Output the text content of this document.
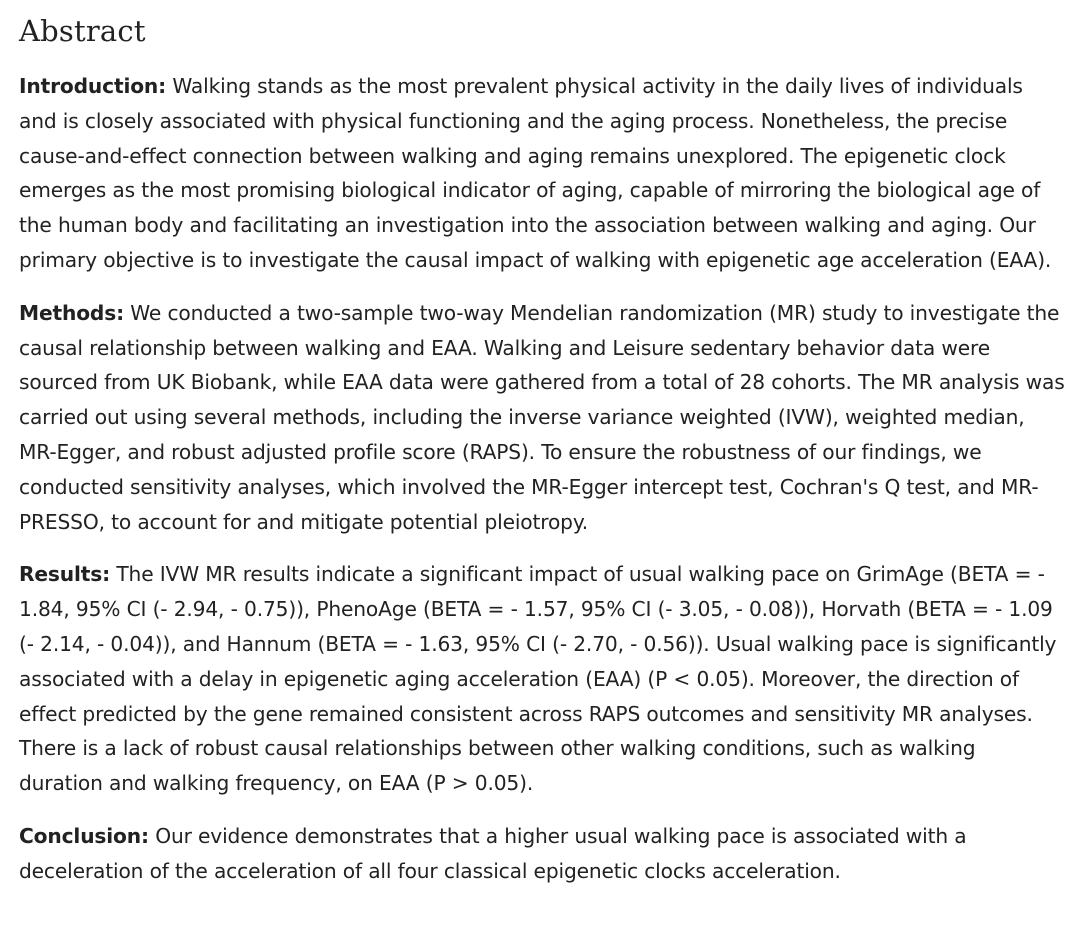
Abstract

Introduction: Walking stands as the most prevalent physical activity in the daily lives of individuals and is closely associated with physical functioning and the aging process. Nonetheless, the precise cause-and-effect connection between walking and aging remains unexplored. The epigenetic clock emerges as the most promising biological indicator of aging, capable of mirroring the biological age of the human body and facilitating an investigation into the association between walking and aging. Our primary objective is to investigate the causal impact of walking with epigenetic age acceleration (EAA).

Methods: We conducted a two-sample two-way Mendelian randomization (MR) study to investigate the causal relationship between walking and EAA. Walking and Leisure sedentary behavior data were sourced from UK Biobank, while EAA data were gathered from a total of 28 cohorts. The MR analysis was carried out using several methods, including the inverse variance weighted (IVW), weighted median, MR-Egger, and robust adjusted profile score (RAPS). To ensure the robustness of our findings, we conducted sensitivity analyses, which involved the MR-Egger intercept test, Cochran's Q test, and MR-PRESSO, to account for and mitigate potential pleiotropy.

Results: The IVW MR results indicate a significant impact of usual walking pace on GrimAge (BETA = - 1.84, 95% CI (- 2.94, - 0.75)), PhenoAge (BETA = - 1.57, 95% CI (- 3.05, - 0.08)), Horvath (BETA = - 1.09 (- 2.14, - 0.04)), and Hannum (BETA = - 1.63, 95% CI (- 2.70, - 0.56)). Usual walking pace is significantly associated with a delay in epigenetic aging acceleration (EAA) (P < 0.05). Moreover, the direction of effect predicted by the gene remained consistent across RAPS outcomes and sensitivity MR analyses. There is a lack of robust causal relationships between other walking conditions, such as walking duration and walking frequency, on EAA (P > 0.05).

Conclusion: Our evidence demonstrates that a higher usual walking pace is associated with a deceleration of the acceleration of all four classical epigenetic clocks acceleration.
